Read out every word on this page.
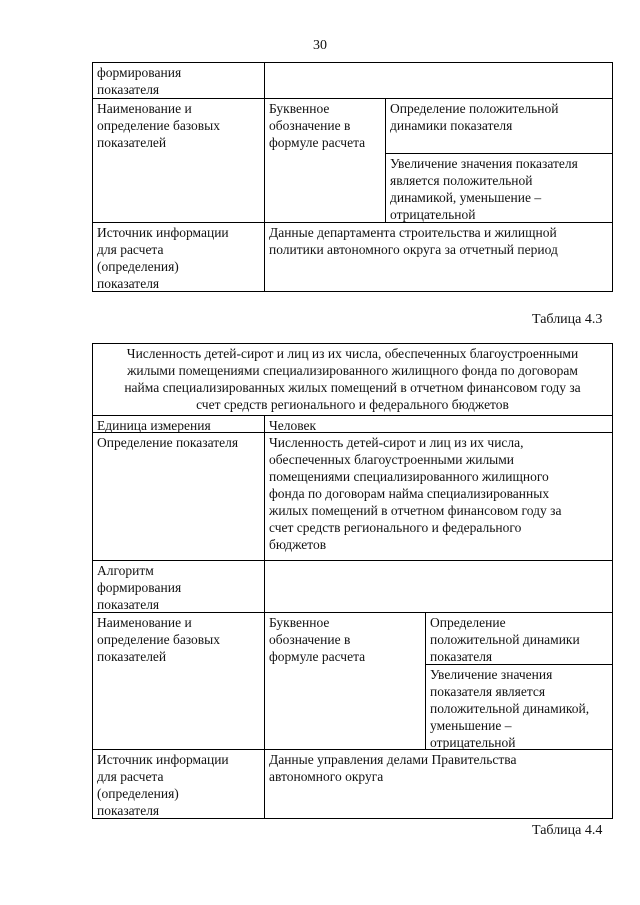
30
формирования
показателя
Наименование и
определение базовых
показателей
Буквенное
обозначение в
формуле расчета
Определение положительной
динамики показателя
Увеличение значения показателя
является положительной
динамикой, уменьшение –
отрицательной
Источник информации
для расчета
(определения)
показателя
Данные департамента строительства и жилищной
политики автономного округа за отчетный период
Таблица 4.3
Численность детей-сирот и лиц из их числа, обеспеченных благоустроенными
жилыми помещениями специализированного жилищного фонда по договорам
найма специализированных жилых помещений в отчетном финансовом году за
счет средств регионального и федерального бюджетов
Единица измерения	Человек
Определение показателя	Численность детей-сирот и лиц из их числа,
обеспеченных благоустроенными жилыми
помещениями специализированного жилищного
фонда по договорам найма специализированных
жилых помещений в отчетном финансовом году за
счет средств регионального и федерального
бюджетов
Алгоритм
формирования
показателя
Наименование и
определение базовых
показателей
Буквенное
обозначение в
формуле расчета
Определение
положительной динамики
показателя
Увеличение значения
показателя является
положительной динамикой,
уменьшение –
отрицательной
Источник информации
для расчета
(определения)
показателя
Данные управления делами Правительства
автономного округа
Таблица 4.4
